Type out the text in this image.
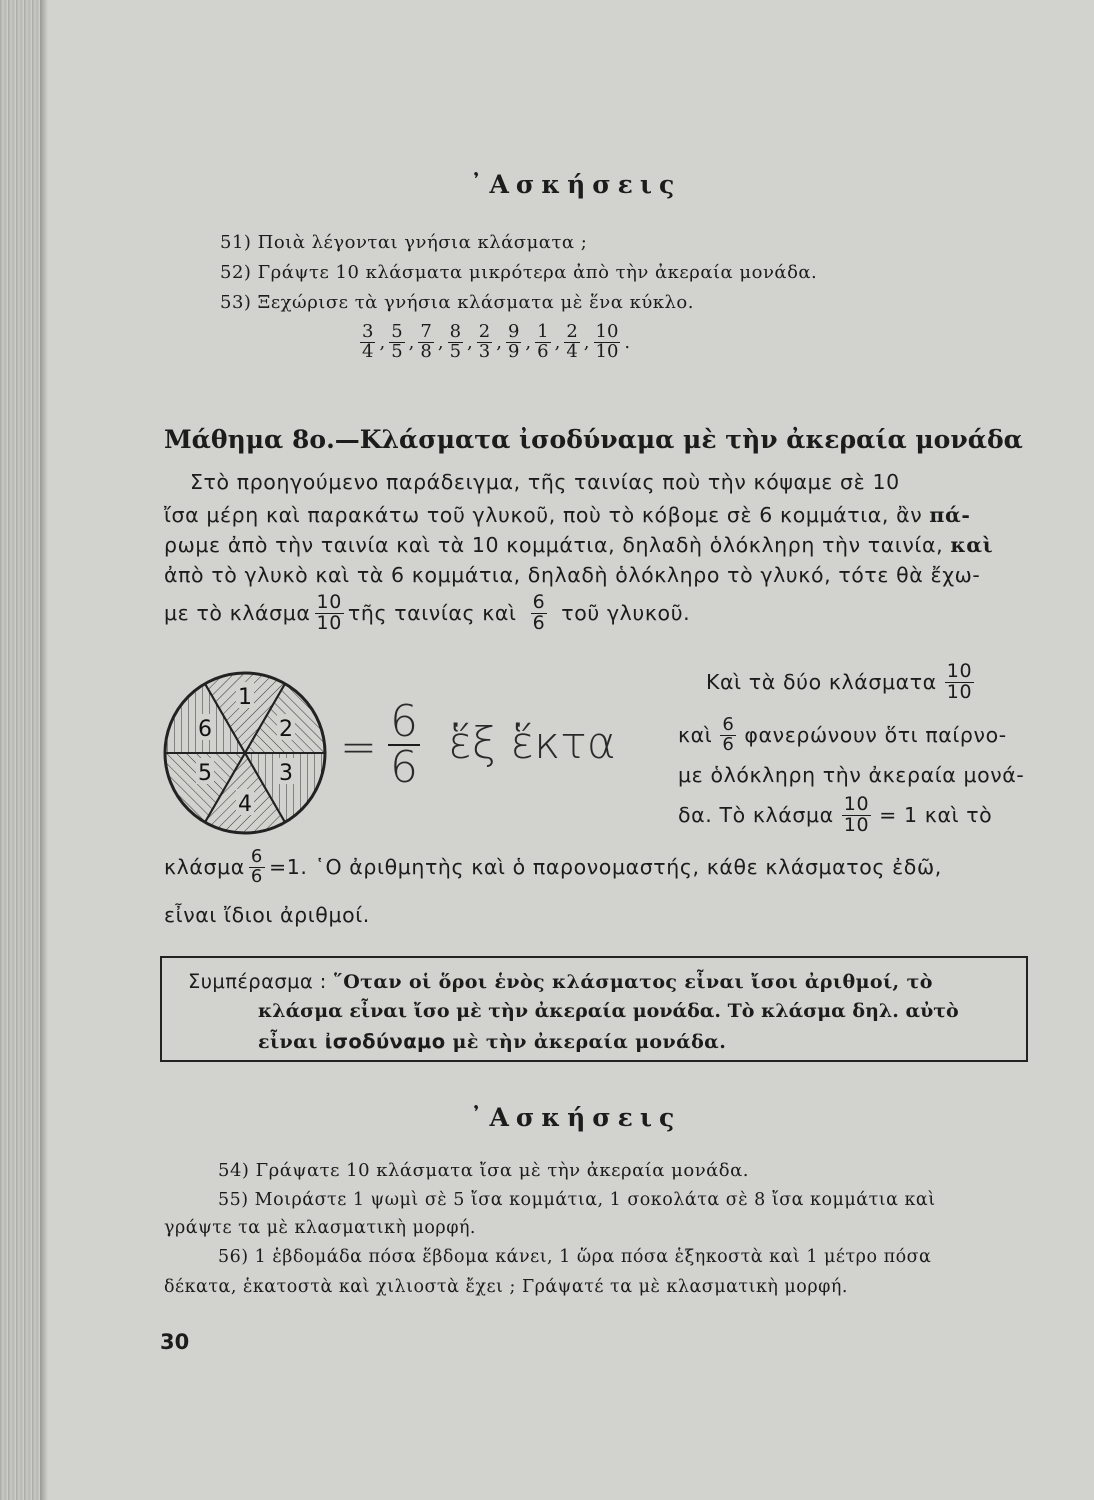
᾿Ασκήσεις
51) Ποιὰ λέγονται γνήσια κλάσματα ;
52) Γράψτε 10 κλάσματα μικρότερα ἀπὸ τὴν ἀκεραία μονάδα.
53) Ξεχώρισε τὰ γνήσια κλάσματα μὲ ἕνα κύκλο.
$\frac{3}{4}$ , $\frac{5}{5}$ , $\frac{7}{8}$ , $\frac{8}{5}$ , $\frac{2}{3}$ , $\frac{9}{9}$ , $\frac{1}{6}$ , $\frac{2}{4}$ , $\frac{10}{10}$ .
Μάθημα 8ο.—Κλάσματα ἰσοδύναμα μὲ τὴν ἀκεραία μονάδα
Στὸ προηγούμενο παράδειγμα, τῆς ταινίας ποὺ τὴν κόψαμε σὲ 10
ἴσα μέρη καὶ παρακάτω τοῦ γλυκοῦ, ποὺ τὸ κόβομε σὲ 6 κομμάτια, ἂν πά-
ρωμε ἀπὸ τὴν ταινία καὶ τὰ 10 κομμάτια, δηλαδὴ ὁλόκληρη τὴν ταινία, καὶ
ἀπὸ τὸ γλυκὸ καὶ τὰ 6 κομμάτια, δηλαδὴ ὁλόκληρο τὸ γλυκό, τότε θὰ ἔχω-
με τὸ κλάσμα $\frac{10}{10}$ τῆς ταινίας καὶ $\frac{6}{6}$ τοῦ γλυκοῦ.
1
2
3
4
5
6	= $\frac{6}{6}$ ἕξ ἕκτα
Καὶ τὰ δύο κλάσματα $\frac{10}{10}$
καὶ $\frac{6}{6}$ φανερώνουν ὅτι παίρνο-
με ὁλόκληρη τὴν ἀκεραία μονά-
δα. Τὸ κλάσμα $\frac{10}{10} = 1$ καὶ τὸ
κλάσμα $\frac{6}{6} =1$. ῾Ο ἀριθμητὴς καὶ ὁ παρονομαστής, κάθε κλάσματος ἐδῶ,
εἶναι ἴδιοι ἀριθμοί.
Συμπέρασμα : ῞Οταν οἱ ὅροι ἑνὸς κλάσματος εἶναι ἴσοι ἀριθμοί, τὸ
κλάσμα εἶναι ἴσο μὲ τὴν ἀκεραία μονάδα. Τὸ κλάσμα δηλ. αὐτὸ
εἶναι ἰσοδύναμο μὲ τὴν ἀκεραία μονάδα.
᾿Ασκήσεις
54) Γράψατε 10 κλάσματα ἴσα μὲ τὴν ἀκεραία μονάδα.
55) Μοιράστε 1 ψωμὶ σὲ 5 ἴσα κομμάτια, 1 σοκολάτα σὲ 8 ἴσα κομμάτια καὶ
γράψτε τα μὲ κλασματικὴ μορφή.
56) 1 ἑβδομάδα πόσα ἕβδομα κάνει, 1 ὥρα πόσα ἑξηκοστὰ καὶ 1 μέτρο πόσα
δέκατα, ἑκατοστὰ καὶ χιλιοστὰ ἔχει ; Γράψατέ τα μὲ κλασματικὴ μορφή.
30
